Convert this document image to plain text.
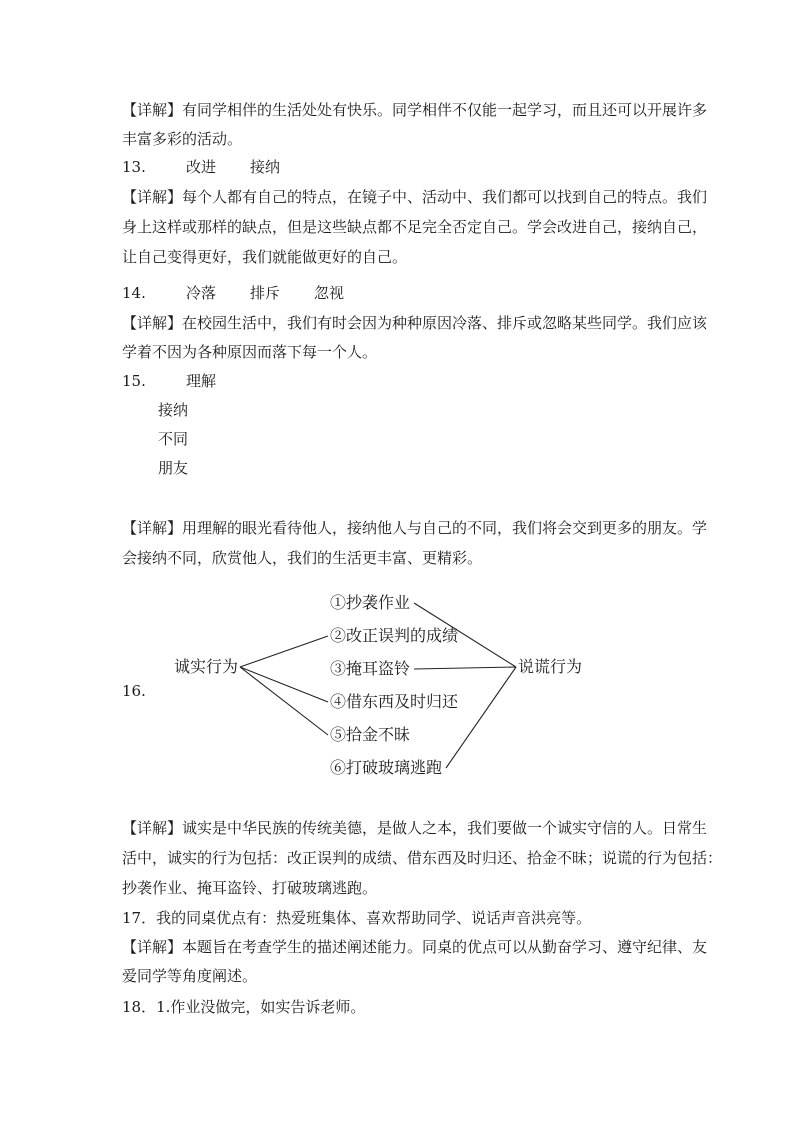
【详解】有同学相伴的生活处处有快乐。同学相伴不仅能一起学习，而且还可以开展许多
丰富多彩的活动。
13.	改进 接纳
【详解】每个人都有自己的特点，在镜子中、活动中、我们都可以找到自己的特点。我们
身上这样或那样的缺点，但是这些缺点都不足完全否定自己。学会改进自己，接纳自己，
让自己变得更好，我们就能做更好的自己。
14.	冷落 排斥 忽视
【详解】在校园生活中，我们有时会因为种种原因冷落、排斥或忽略某些同学。我们应该
学着不因为各种原因而落下每一个人。
15.	理解
接纳
不同
朋友
【详解】用理解的眼光看待他人，接纳他人与自己的不同，我们将会交到更多的朋友。学
会接纳不同，欣赏他人，我们的生活更丰富、更精彩。
16.
诚实行为	说谎行为
①抄袭作业
②改正误判的成绩
③掩耳盗铃
④借东西及时归还
⑤拾金不昧
⑥打破玻璃逃跑
【详解】诚实是中华民族的传统美德，是做人之本，我们要做一个诚实守信的人。日常生
活中，诚实的行为包括：改正误判的成绩、借东西及时归还、拾金不昧；说谎的行为包括：
抄袭作业、掩耳盗铃、打破玻璃逃跑。
17．我的同桌优点有：热爱班集体、喜欢帮助同学、说话声音洪亮等。
【详解】本题旨在考查学生的描述阐述能力。同桌的优点可以从勤奋学习、遵守纪律、友
爱同学等角度阐述。
18．1.作业没做完，如实告诉老师。
